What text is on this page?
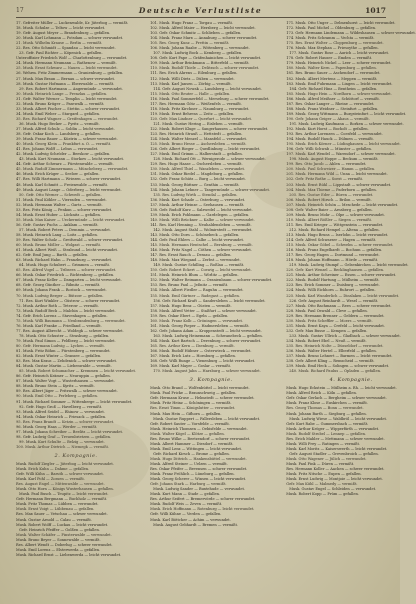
17	Deutsche Verlustliste	1017
17. Gefreiter Müller — Luckenwalde, Kr. Jüterbog — vermißt.
18. Musk. Schulze — Teltow — leicht verwundet.
19. Gefr. August Meyer — Brandenburg — gefallen.
20. Musk. Karl Lehmann — Potsdam — schwer verwundet.
21. Musk. Wilhelm Krause — Berlin — vermißt.
22. Res. Otto Schmidt — Spandau — leicht verwundet.
23. Gefr. Paul Richter — Köpenick — gefallen.
Unteroffizier Friedrich Wolf — Charlottenburg — verwundet.
24. Musk. Hermann Neumann — Rathenow — vermißt.
25. Musk. Ernst Schwarz — Nauen — leicht verwundet.
26. Wehrm. Fritz Zimmermann — Oranienburg — gefallen.
27. Musk. Max Braun — Bernau — schwer verwundet.
28. Musk. Gustav Hofmann — Eberswalde — vermißt.
29. Res. Robert Hartmann — Angermünde — verwundet.
30. Musk. Heinrich Lange — Prenzlau — gefallen.
31. Gefr. Walter Werner — Templin — leicht verwundet.
32. Musk. Bruno Krüger — Pasewalk — vermißt.
33. Musk. Albert Fischer — Stettin — schwer verwundet.
34. Musk. Emil Weber — Stargard — gefallen.
35. Res. Richard Wagner — Greifenhagen — verwundet.
36. Musk. Hugo Becker — Pyritz — vermißt.
37. Musk. Alfred Schulz — Soldin — leicht verwundet.
38. Gefr. Oskar Koch — Landsberg — gefallen.
39. Musk. Franz Bauer — Küstrin — schwer verwundet.
40. Musk. Georg Klein — Frankfurt a. O. — vermißt.
41. Res. Johann Wolff — Lebus — verwundet.
42. Musk. Ludwig Schröder — Beeskow — gefallen.
43. Musk. Kurt Neumann — Storkow — leicht verwundet.
44. Gefr. Arthur Schwarz — Fürstenwalde — vermißt.
45. Musk. Rudolf Zimmermann — Müncheberg — verwundet.
46. Musk. Erich Krüger — Seelow — gefallen.
47. Res. Willi Hartmann — Wriezen — schwer verwundet.
48. Musk. Karl Schmitt — Freienwalde — vermißt.
49. Musk. August Lange — Oderberg — leicht verwundet.
50. Gefr. Otto Werner — Schwedt — gefallen.
51. Musk. Paul Köhler — Vierraden — verwundet.
52. Musk. Hermann Walter — Gartz — vermißt.
53. Res. Fritz König — Penkun — schwer verwundet.
54. Musk. Ernst Huber — Löcknitz — gefallen.
55. Musk. Max Kaiser — Ueckermünde — leicht verwundet.
56. Gefr. Gustav Fuchs — Anklam — vermißt.
57. Musk. Robert Peters — Demmin — verwundet.
58. Musk. Heinrich Lang — Loitz — gefallen.
59. Res. Walter Scholz — Greifswald — schwer verwundet.
60. Musk. Bruno Möller — Wolgast — vermißt.
61. Musk. Albert Weiß — Stralsund — leicht verwundet.
62. Gefr. Emil Jung — Barth — gefallen.
63. Musk. Richard Hahn — Franzburg — verwundet.
64. Musk. Hugo Schubert — Grimmen — vermißt.
65. Res. Alfred Vogel — Tribsees — schwer verwundet.
66. Musk. Oskar Friedrich — Richtenberg — gefallen.
67. Musk. Franz Keller — Damgarten — leicht verwundet.
68. Gefr. Georg Günther — Ribnitz — vermißt.
69. Musk. Johann Frank — Rostock — verwundet.
70. Musk. Ludwig Berger — Bützow — gefallen.
71. Res. Kurt Winkler — Güstrow — schwer verwundet.
72. Musk. Arthur Roth — Teterow — vermißt.
73. Musk. Rudolf Beck — Malchin — leicht verwundet.
74. Gefr. Erich Lorenz — Stavenhagen — gefallen.
75. Musk. Willi Baumann — Neubrandenburg — verwundet.
76. Musk. Karl Franke — Friedland — vermißt.
77. Res. August Albrecht — Woldegk — schwer verwundet.
78. Musk. Otto Schuster — Strasburg — gefallen.
79. Musk. Paul Simon — Feldberg — leicht verwundet.
80. Gefr. Hermann Ludwig — Lychen — vermißt.
81. Musk. Fritz Böhm — Fürstenberg — verwundet.
82. Musk. Ernst Winter — Gransee — gefallen.
83. Res. Max Kraus — Zehdenick — schwer verwundet.
84. Musk. Gustav Martin — Liebenwalde — vermißt.
85. Musk. Robert Schumacher — Kremmen — leicht verwundet.
86. Gefr. Heinrich Krämer — Neuruppin — gefallen.
87. Musk. Walter Vogt — Wusterhausen — verwundet.
88. Musk. Bruno Stein — Kyritz — vermißt.
89. Res. Albert Jäger — Pritzwalk — schwer verwundet.
90. Musk. Emil Otto — Perleberg — gefallen.
91. Musk. Richard Sommer — Wittenberge — leicht verwundet.
92. Gefr. Hugo Groß — Havelberg — vermißt.
93. Musk. Alfred Seidel — Rhinow — verwundet.
94. Musk. Oskar Heinrich — Friesack — gefallen.
95. Res. Franz Brandt — Ketzin — schwer verwundet.
96. Musk. Georg Haas — Werder — vermißt.
97. Musk. Johann Schreiber — Beelitz — leicht verwundet.
98. Gefr. Ludwig Graf — Treuenbrietzen — gefallen.
99. Musk. Kurt Schulte — Belzig — verwundet.
100. Musk. Arthur Dietrich — Niemegk — vermißt.
2. Kompagnie.
Musk. Rudolf Ziegler — Jüterbog — leicht verwundet.
Musk. Erich Kuhn — Dahme — gefallen.
Gefr. Willi Kühn — Baruth — schwer verwundet.
Musk. Karl Pohl — Zossen — vermißt.
Res. August Engel — Mittenwalde — verwundet.
Musk. Otto Horn — Königs Wusterhausen — gefallen.
Musk. Paul Busch — Teupitz — leicht verwundet.
Gefr. Hermann Bergmann — Buchholz — vermißt.
Musk. Fritz Thomas — Lübben — verwundet.
Musk. Ernst Voigt — Lübbenau — gefallen.
Res. Max Sauer — Vetschau — schwer verwundet.
Musk. Gustav Arnold — Calau — vermißt.
Musk. Robert Wolff — Luckau — leicht verwundet.
Gefr. Heinrich Pfeiffer — Golßen — gefallen.
Musk. Walter Schäfer — Finsterwalde — verwundet.
Musk. Bruno Beyer — Sonnewalde — vermißt.
Res. Albert Wendt — Doberlug — schwer verwundet.
Musk. Emil Lorenz — Elsterwerda — gefallen.
Musk. Richard Ernst — Liebenwerda — leicht verwundet.
101. Musk. Hugo Franz — Torgau — vermißt.
102. Musk. Alfred Maier — Herzberg — leicht verwundet.
103. Gefr. Oskar Schmitz — Schlieben — gefallen.
104. Musk. Franz Marx — Annaburg — schwer verwundet.
105. Res. Georg Kunz — Prettin — vermißt.
106. Musk. Johann Raabe — Wittenberg — verwundet.
107. Musk. Ludwig Bock — Kemberg — gefallen.
108. Gefr. Kurt Pape — Gräfenhainichen — leicht verwundet.
109. Musk. Arthur Brinkmann — Bitterfeld — vermißt.
110. Musk. Rudolf Thiele — Delitzsch — schwer verwundet.
111. Res. Erich Ahrens — Eilenburg — gefallen.
112. Musk. Willi Dietz — Düben — verwundet.
113. Musk. Karl Jansen — Zörbig — vermißt.
114. Gefr. August Nowak — Landsberg — leicht verwundet.
115. Musk. Otto Reuter — Halle — gefallen.
116. Musk. Paul Sommerfeld — Merseburg — schwer verwundet.
117. Res. Hermann Götz — Weißenfels — vermißt.
118. Musk. Fritz Kirchner — Naumburg — verwundet.
119. Musk. Ernst Behrens — Zeitz — gefallen.
120. Gefr. Max Lindner — Querfurt — leicht verwundet.
121. Musk. Gustav Hering — Eisleben — vermißt.
122. Musk. Robert Kluge — Sangerhausen — schwer verwundet.
123. Res. Heinrich Strauß — Hettstedt — gefallen.
124. Musk. Walter Menzel — Mansfeld — verwundet.
125. Musk. Bruno Hesse — Aschersleben — vermißt.
126. Gefr. Albert Rieger — Quedlinburg — leicht verwundet.
127. Musk. Emil Grimm — Halberstadt — gefallen.
128. Musk. Richard Ott — Wernigerode — schwer verwundet.
129. Res. Hugo Haase — Oschersleben — vermißt.
130. Musk. Alfred Thiel — Wanzleben — verwundet.
131. Musk. Oskar Riedel — Magdeburg — gefallen.
132. Gefr. Franz Schütz — Burg — leicht verwundet.
133. Musk. Georg Büttner — Genthin — vermißt.
134. Musk. Johann Lehner — Tangermünde — schwer verwundet.
135. Res. Ludwig Wirth — Stendal — gefallen.
136. Musk. Kurt Schade — Osterburg — verwundet.
137. Musk. Arthur Heinze — Seehausen — vermißt.
138. Gefr. Rudolf Kurz — Salzwedel — leicht verwundet.
139. Musk. Erich Pohlmann — Gardelegen — gefallen.
140. Musk. Willi Brückner — Kalbe — schwer verwundet.
141. Res. Karl Henning — Neuhaldensleben — vermißt.
142. Musk. August Stahl — Wolmirstedt — verwundet.
143. Musk. Otto Dorn — Schönebeck — gefallen.
144. Gefr. Paul Ehlers — Calbe — leicht verwundet.
145. Musk. Hermann Hentschel — Bernburg — vermißt.
146. Musk. Fritz Nagel — Cöthen — schwer verwundet.
147. Res. Ernst Rauch — Dessau — gefallen.
148. Musk. Max Wiegand — Zerbst — verwundet.
149. Musk. Gustav Schilling — Roßlau — vermißt.
150. Gefr. Robert Eckert — Coswig — leicht verwundet.
151. Musk. Heinrich Blum — Wörlitz — gefallen.
152. Musk. Walter Reimann — Oranienbaum — schwer verwundet.
153. Res. Bruno Paul — Jeßnitz — vermißt.
154. Musk. Albert Fiedler — Raguhn — verwundet.
155. Musk. Emil Gärtner — Radegast — gefallen.
156. Gefr. Richard Kraft — Sandersleben — leicht verwundet.
157. Musk. Hugo Benz — Güsten — vermißt.
158. Musk. Alfred Vetter — Staßfurt — schwer verwundet.
159. Res. Oskar Ebert — Egeln — gefallen.
160. Musk. Franz Kolb — Gröningen — verwundet.
161. Musk. Georg Pieper — Hadmersleben — vermißt.
162. Gefr. Johann Adam — Kroppenstedt — leicht verwundet.
163. Musk. Ludwig Heinemann — Schwanebeck — gefallen.
164. Musk. Kurt Bartsch — Derenburg — schwer verwundet.
165. Res. Arthur Kern — Ilsenburg — vermißt.
166. Musk. Rudolf Hübner — Osterwieck — verwundet.
167. Musk. Erich Lutz — Hornburg — gefallen.
168. Gefr. Willi Runge — Vienenburg — leicht verwundet.
169. Musk. Karl Mayer — Goslar — vermißt.
170. Musk. August Jahn — Harzburg — schwer verwundet.
3. Kompagnie.
Musk. Otto Brand — Wolfenbüttel — leicht verwundet.
Musk. Paul Fricke — Braunschweig — gefallen.
Gefr. Hermann Kruse — Helmstedt — schwer verwundet.
Musk. Fritz Heinz — Schöningen — vermißt.
Res. Ernst Timm — Königslutter — verwundet.
Musk. Max Hein — Gifhorn — gefallen.
Musk. Gustav Ruppert — Fallersleben — leicht verwundet.
Gefr. Robert Sauter — Vorsfelde — vermißt.
Musk. Heinrich Thomsen — Oebisfelde — verwundet.
Musk. Walter Kögel — Klötze — gefallen.
Res. Bruno Wilke — Beetzendorf — schwer verwundet.
Musk. Albert Hammer — Diesdorf — vermißt.
Musk. Emil Lenz — Wittingen — leicht verwundet.
Gefr. Richard Kirsch — Brome — gefallen.
Musk. Hugo Dittrich — Hankensbüttel — verwundet.
Musk. Alfred Steiner — Uelzen — vermißt.
Res. Oskar Pfeifer — Bevensen — schwer verwundet.
Musk. Franz Fröhlich — Lüneburg — gefallen.
Musk. Georg Scherer — Winsen — leicht verwundet.
Gefr. Johann Stark — Harburg — vermißt.
Musk. Ludwig Sander — Buxtehude — verwundet.
Musk. Kurt Mann — Stade — gefallen.
Res. Arthur Seifert — Bremervörde — schwer verwundet.
Musk. Rudolf Weis — Zeven — vermißt.
Musk. Erich Hoffmann — Rotenburg — leicht verwundet.
Gefr. Willi Kühne — Verden — gefallen.
Musk. Karl Böttcher — Achim — verwundet.
Musk. August Gebhardt — Bremen — vermißt.
171. Musk. Otto Unger — Delmenhorst — leicht verwundet.
172. Musk. Paul Michel — Oldenburg — gefallen.
173. Gefr. Hermann Lindemann — Wildeshausen — schwer verwundet.
174. Musk. Fritz Schramm — Vechta — vermißt.
175. Res. Ernst Wolter — Cloppenburg — verwundet.
176. Musk. Max Stephan — Friesoythe — gefallen.
177. Musk. Gustav Rose — Aurich — leicht verwundet.
178. Gefr. Robert Hauser — Emden — vermißt.
179. Musk. Heinrich Nickel — Leer — schwer verwundet.
180. Musk. Walter Kern — Papenburg — gefallen.
181. Res. Bruno Sauer — Aschendorf — verwundet.
182. Musk. Albert Mertens — Meppen — vermißt.
183. Musk. Emil Fuhrmann — Lingen — leicht verwundet.
184. Gefr. Richard Hinz — Bentheim — gefallen.
185. Musk. Hugo Hein — Nordhorn — schwer verwundet.
186. Musk. Alfred Meißner — Schüttorf — vermißt.
187. Res. Oskar Langer — Rheine — verwundet.
188. Musk. Franz Weidner — Steinfurt — gefallen.
189. Musk. Georg Wittmann — Burgsteinfurt — leicht verwundet.
190. Gefr. Johann Geiger — Ahaus — vermißt.
191. Musk. Ludwig Kaufmann — Borken — schwer verwundet.
192. Musk. Kurt Horst — Bocholt — gefallen.
193. Res. Arthur Lorenzen — Coesfeld — verwundet.
194. Musk. Rudolf Hauck — Dülmen — vermißt.
195. Musk. Erich Körner — Lüdinghausen — leicht verwundet.
196. Gefr. Willi Schwab — Münster — gefallen.
197. Musk. Karl Wendel — Warendorf — schwer verwundet.
198. Musk. August Hoppe — Beckum — vermißt.
199. Res. Otto Jacob — Ahlen — verwundet.
200. Musk. Paul Schweizer — Hamm — gefallen.
201. Musk. Hermann Wild — Unna — leicht verwundet.
202. Gefr. Fritz Rothe — Soest — vermißt.
203. Musk. Ernst Rühl — Lippstadt — schwer verwundet.
204. Musk. Max Thieme — Paderborn — gefallen.
205. Res. Gustav Eder — Büren — verwundet.
206. Musk. Robert Hirsch — Brilon — vermißt.
207. Musk. Heinrich Schön — Meschede — leicht verwundet.
208. Gefr. Walter Baier — Arnsberg — gefallen.
209. Musk. Bruno Mohr — Olpe — schwer verwundet.
210. Musk. Albert Rößler — Siegen — vermißt.
211. Res. Emil Krieger — Wittgenstein — verwundet.
212. Musk. Richard Hempel — Altena — gefallen.
213. Musk. Hugo Bruns — Iserlohn — leicht verwundet.
214. Gefr. Alfred Schwarzer — Hagen — vermißt.
215. Musk. Oskar Göbel — Schwelm — schwer verwundet.
216. Musk. Franz Engelhardt — Bochum — gefallen.
217. Res. Georg Hagen — Dortmund — verwundet.
218. Musk. Johann Hoffmann — Hörde — vermißt.
219. Musk. Ludwig Stumpf — Gelsenkirchen — leicht verwundet.
220. Gefr. Kurt Wenzel — Recklinghausen — gefallen.
221. Musk. Arthur Schreiner — Essen — schwer verwundet.
222. Musk. Rudolf Hartung — Mülheim — vermißt.
223. Res. Erich Sommer — Duisburg — verwundet.
224. Musk. Willi Eichhorn — Ruhrort — gefallen.
225. Musk. Karl Wunderlich — Dinslaken — leicht verwundet.
226. Gefr. August Reinhardt — Wesel — vermißt.
227. Musk. Otto Bachmann — Rees — schwer verwundet.
228. Musk. Paul Oswald — Cleve — gefallen.
229. Res. Hermann Brenner — Geldern — verwundet.
230. Musk. Fritz Scheffler — Moers — vermißt.
231. Musk. Ernst Kaya — Crefeld — leicht verwundet.
232. Gefr. Max Busse — Kempen — gefallen.
233. Musk. Gustav Ullrich — Gladbach — schwer verwundet.
234. Musk. Robert Ebel — Neuß — vermißt.
235. Res. Heinrich Nolte — Düsseldorf — verwundet.
236. Musk. Walter Hertel — Elberfeld — gefallen.
237. Musk. Bruno Lehnert — Barmen — leicht verwundet.
238. Gefr. Albert Kling — Remscheid — vermißt.
239. Musk. Emil Heck — Solingen — schwer verwundet.
240. Musk. Richard Paulus — Opladen — gefallen.
4. Kompagnie.
Musk. Hugo Eckstein — Mülheim a. Rh. — leicht verwundet.
Musk. Alfred Reich — Köln — gefallen.
Gefr. Oskar Gerlach — Bergheim — schwer verwundet.
Musk. Franz Klose — Euskirchen — vermißt.
Res. Georg Thomas — Bonn — verwundet.
Musk. Johann Barth — Siegburg — gefallen.
Musk. Ludwig Wiese — Waldbröl — leicht verwundet.
Gefr. Kurt Rabe — Gummersbach — vermißt.
Musk. Arthur Kröger — Wipperfürth — verwundet.
Musk. Rudolf Strobel — Lennep — gefallen.
Res. Erich Mahler — Mettmann — schwer verwundet.
Musk. Willi Frey — Ratingen — vermißt.
Musk. Karl Moritz — Kaiserswerth — leicht verwundet.
Gefr. August Stadler — Grevenbroich — gefallen.
Musk. Otto Wagener — Jülich — verwundet.
Musk. Paul Fink — Düren — vermißt.
Res. Hermann Koller — Aachen — schwer verwundet.
Musk. Fritz Nitsche — Eupen — gefallen.
Musk. Ernst Ludwig — Montjoie — leicht verwundet.
Gefr. Max Kühl — Malmedy — vermißt.
Musk. Gustav Engel — Schleiden — verwundet.
Musk. Robert Kopp — Prüm — gefallen.
